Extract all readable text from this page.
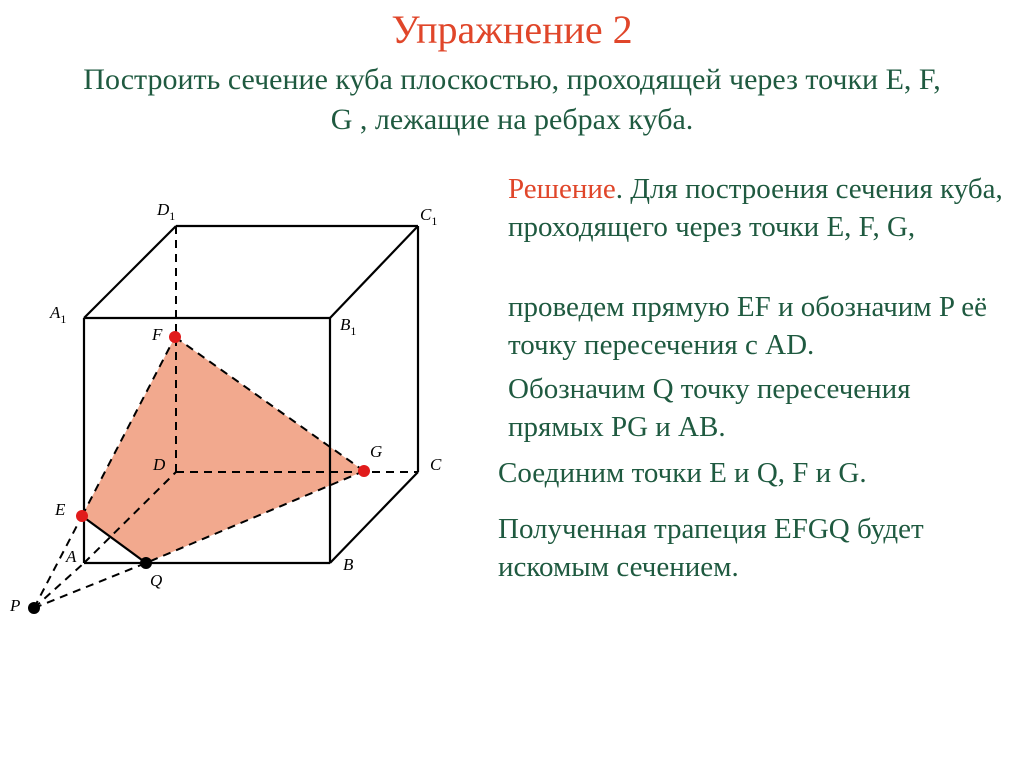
Упражнение 2
Построить сечение куба плоскостью, проходящей через точки E, F,
G , лежащие на ребрах куба.
Решение. Для построения сечения куба, проходящего через точки E, F, G,
проведем прямую EF и обозначим P её точку пересечения с AD.
Обозначим Q точку пересечения прямых PG и AB.
Соединим точки E и Q, F и G.
Полученная трапеция EFGQ будет искомым сечением.
$D_1$	$C_1$
$A_1$	$B_1$
F
G
D	C
E
A
Q
B
P
